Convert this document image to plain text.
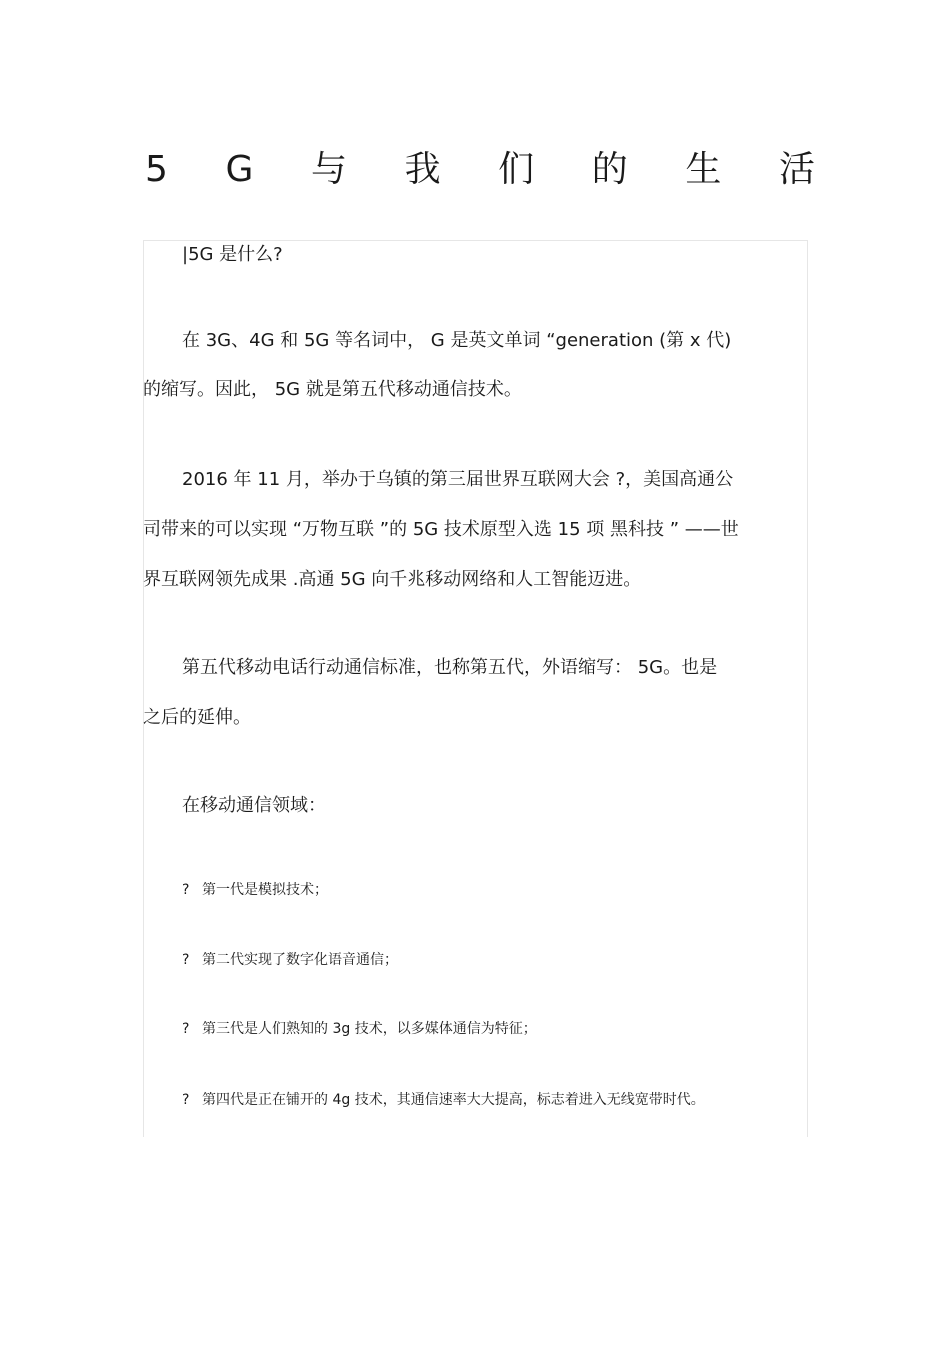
5 G 与 我 们 的 生 活
|5G 是什么?
在 3G、4G 和 5G 等名词中， G 是英文单词 “generation (第 x 代)
的缩写。因此， 5G 就是第五代移动通信技术。
2016 年 11 月，举办于乌镇的第三届世界互联网大会 ?，美国高通公
司带来的可以实现 “万物互联 ”的 5G 技术原型入选 15 项 黑科技 ” ——世
界互联网领先成果 .高通 5G 向千兆移动网络和人工智能迈进。
第五代移动电话行动通信标准，也称第五代，外语缩写： 5G。也是
之后的延伸。
在移动通信领域：
? 第一代是模拟技术；
? 第二代实现了数字化语音通信；
? 第三代是人们熟知的 3g 技术，以多媒体通信为特征；
? 第四代是正在铺开的 4g 技术，其通信速率大大提高，标志着进入无线宽带时代。
